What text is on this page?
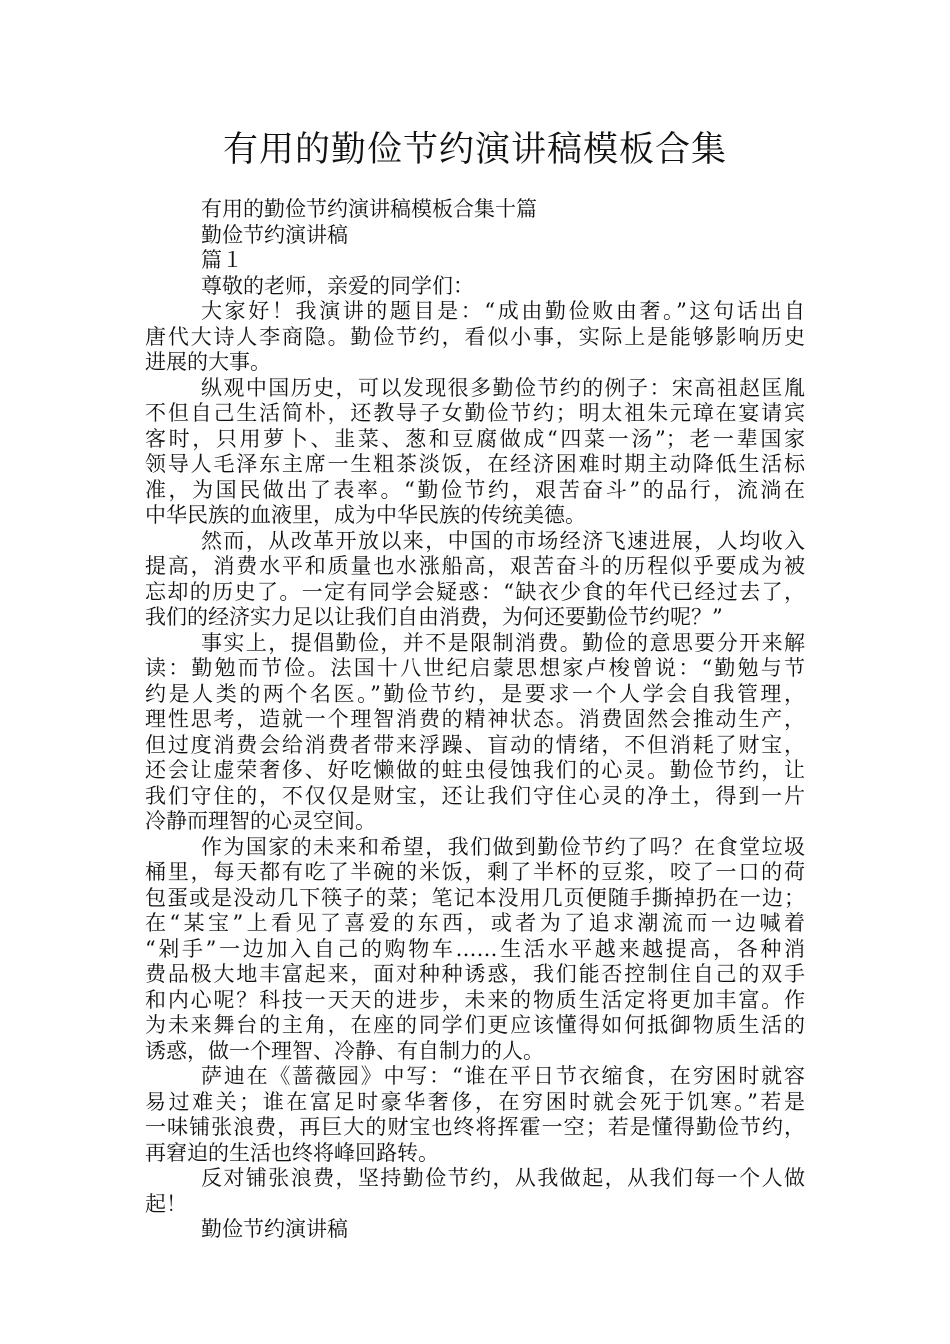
有用的勤俭节约演讲稿模板合集

有用的勤俭节约演讲稿模板合集十篇

勤俭节约演讲稿

篇１

尊敬的老师，亲爱的同学们：

大家好！我演讲的题目是：“成由勤俭败由奢。”这句话出自

唐代大诗人李商隐。勤俭节约，看似小事，实际上是能够影响历史

进展的大事。

纵观中国历史，可以发现很多勤俭节约的例子：宋高祖赵匡胤

不但自己生活简朴，还教导子女勤俭节约；明太祖朱元璋在宴请宾

客时，只用萝卜、韭菜、葱和豆腐做成“四菜一汤”；老一辈国家

领导人毛泽东主席一生粗茶淡饭，在经济困难时期主动降低生活标

准，为国民做出了表率。“勤俭节约，艰苦奋斗”的品行，流淌在

中华民族的血液里，成为中华民族的传统美德。

然而，从改革开放以来，中国的市场经济飞速进展，人均收入

提高，消费水平和质量也水涨船高，艰苦奋斗的历程似乎要成为被

忘却的历史了。一定有同学会疑惑：“缺衣少食的年代已经过去了，

我们的经济实力足以让我们自由消费，为何还要勤俭节约呢？”

事实上，提倡勤俭，并不是限制消费。勤俭的意思要分开来解

读：勤勉而节俭。法国十八世纪启蒙思想家卢梭曾说：“勤勉与节

约是人类的两个名医。”勤俭节约，是要求一个人学会自我管理，

理性思考，造就一个理智消费的精神状态。消费固然会推动生产，

但过度消费会给消费者带来浮躁、盲动的情绪，不但消耗了财宝，

还会让虚荣奢侈、好吃懒做的蛀虫侵蚀我们的心灵。勤俭节约，让

我们守住的，不仅仅是财宝，还让我们守住心灵的净土，得到一片

冷静而理智的心灵空间。

作为国家的未来和希望，我们做到勤俭节约了吗？在食堂垃圾

桶里，每天都有吃了半碗的米饭，剩了半杯的豆浆，咬了一口的荷

包蛋或是没动几下筷子的菜；笔记本没用几页便随手撕掉扔在一边；

在“某宝”上看见了喜爱的东西，或者为了追求潮流而一边喊着

“剁手”一边加入自己的购物车……生活水平越来越提高，各种消

费品极大地丰富起来，面对种种诱惑，我们能否控制住自己的双手

和内心呢？科技一天天的进步，未来的物质生活定将更加丰富。作

为未来舞台的主角，在座的同学们更应该懂得如何抵御物质生活的

诱惑，做一个理智、冷静、有自制力的人。

萨迪在《蔷薇园》中写：“谁在平日节衣缩食，在穷困时就容

易过难关；谁在富足时豪华奢侈，在穷困时就会死于饥寒。”若是

一味铺张浪费，再巨大的财宝也终将挥霍一空；若是懂得勤俭节约，

再窘迫的生活也终将峰回路转。

反对铺张浪费，坚持勤俭节约，从我做起，从我们每一个人做

起！

勤俭节约演讲稿
